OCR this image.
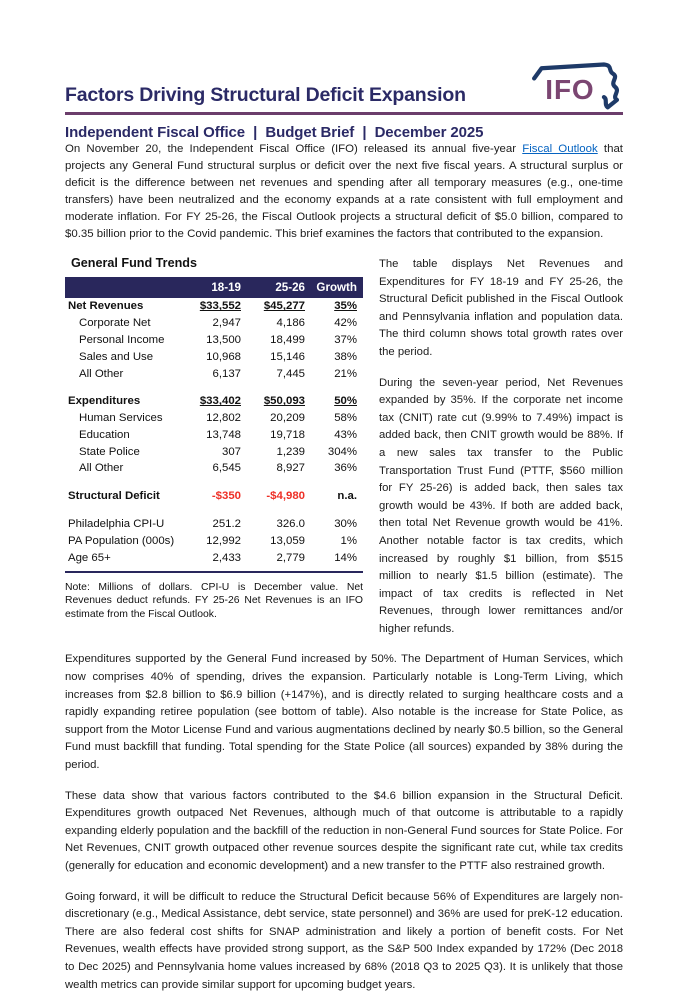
Factors Driving Structural Deficit Expansion	IFO
Independent Fiscal Office  |  Budget Brief  |  December 2025

On November 20, the Independent Fiscal Office (IFO) released its annual five-year Fiscal Outlook that projects any General Fund structural surplus or deficit over the next five fiscal years. A structural surplus or deficit is the difference between net revenues and spending after all temporary measures (e.g., one-time transfers) have been neutralized and the economy expands at a rate consistent with full employment and moderate inflation. For FY 25-26, the Fiscal Outlook projects a structural deficit of $5.0 billion, compared to $0.35 billion prior to the Covid pandemic. This brief examines the factors that contributed to the expansion.

General Fund Trends
	18-19	25-26	Growth
Net Revenues	$33,552	$45,277	35%
Corporate Net	2,947	4,186	42%
Personal Income	13,500	18,499	37%
Sales and Use	10,968	15,146	38%
All Other	6,137	7,445	21%

Expenditures	$33,402	$50,093	50%
Human Services	12,802	20,209	58%
Education	13,748	19,718	43%
State Police	307	1,239	304%
All Other	6,545	8,927	36%

Structural Deficit	-$350	-$4,980	n.a.

Philadelphia CPI-U	251.2	326.0	30%
PA Population (000s)	12,992	13,059	1%
Age 65+	2,433	2,779	14%

Note: Millions of dollars. CPI-U is December value. Net Revenues deduct refunds. FY 25-26 Net Revenues is an IFO estimate from the Fiscal Outlook.

The table displays Net Revenues and Expenditures for FY 18-19 and FY 25-26, the Structural Deficit published in the Fiscal Outlook and Pennsylvania inflation and population data. The third column shows total growth rates over the period.

During the seven-year period, Net Revenues expanded by 35%. If the corporate net income tax (CNIT) rate cut (9.99% to 7.49%) impact is added back, then CNIT growth would be 88%. If a new sales tax transfer to the Public Transportation Trust Fund (PTTF, $560 million for FY 25-26) is added back, then sales tax growth would be 43%. If both are added back, then total Net Revenue growth would be 41%. Another notable factor is tax credits, which increased by roughly $1 billion, from $515 million to nearly $1.5 billion (estimate). The impact of tax credits is reflected in Net Revenues, through lower remittances and/or higher refunds.

Expenditures supported by the General Fund increased by 50%. The Department of Human Services, which now comprises 40% of spending, drives the expansion. Particularly notable is Long-Term Living, which increases from $2.8 billion to $6.9 billion (+147%), and is directly related to surging healthcare costs and a rapidly expanding retiree population (see bottom of table). Also notable is the increase for State Police, as support from the Motor License Fund and various augmentations declined by nearly $0.5 billion, so the General Fund must backfill that funding. Total spending for the State Police (all sources) expanded by 38% during the period.

These data show that various factors contributed to the $4.6 billion expansion in the Structural Deficit. Expenditures growth outpaced Net Revenues, although much of that outcome is attributable to a rapidly expanding elderly population and the backfill of the reduction in non-General Fund sources for State Police. For Net Revenues, CNIT growth outpaced other revenue sources despite the significant rate cut, while tax credits (generally for education and economic development) and a new transfer to the PTTF also restrained growth.

Going forward, it will be difficult to reduce the Structural Deficit because 56% of Expenditures are largely non-discretionary (e.g., Medical Assistance, debt service, state personnel) and 36% are used for preK-12 education. There are also federal cost shifts for SNAP administration and likely a portion of benefit costs. For Net Revenues, wealth effects have provided strong support, as the S&P 500 Index expanded by 172% (Dec 2018 to Dec 2025) and Pennsylvania home values increased by 68% (2018 Q3 to 2025 Q3). It is unlikely that those wealth metrics can provide similar support for upcoming budget years.
